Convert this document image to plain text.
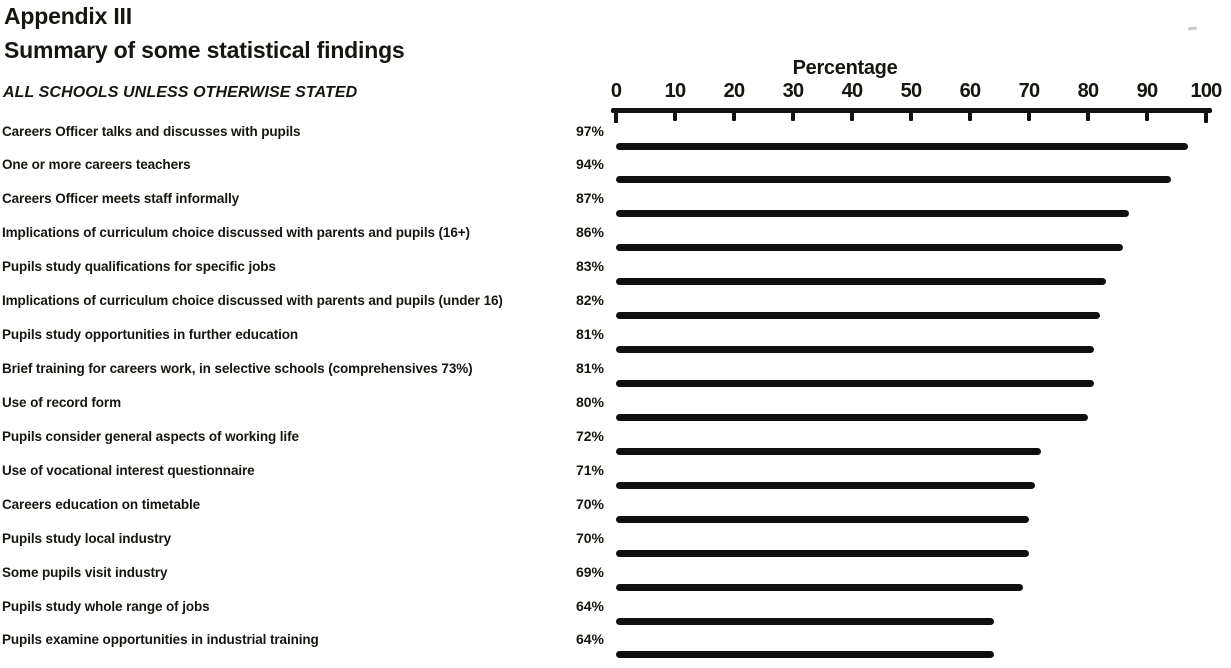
Appendix III
Summary of some statistical findings
ALL SCHOOLS UNLESS OTHERWISE STATED
Percentage
0	10	20	30	40	50	60	70	80	90	100
Careers Officer talks and discusses with pupils	97%
One or more careers teachers	94%
Careers Officer meets staff informally	87%
Implications of curriculum choice discussed with parents and pupils (16+)	86%
Pupils study qualifications for specific jobs	83%
Implications of curriculum choice discussed with parents and pupils (under 16)	82%
Pupils study opportunities in further education	81%
Brief training for careers work, in selective schools (comprehensives 73%)	81%
Use of record form	80%
Pupils consider general aspects of working life	72%
Use of vocational interest questionnaire	71%
Careers education on timetable	70%
Pupils study local industry	70%
Some pupils visit industry	69%
Pupils study whole range of jobs	64%
Pupils examine opportunities in industrial training	64%
